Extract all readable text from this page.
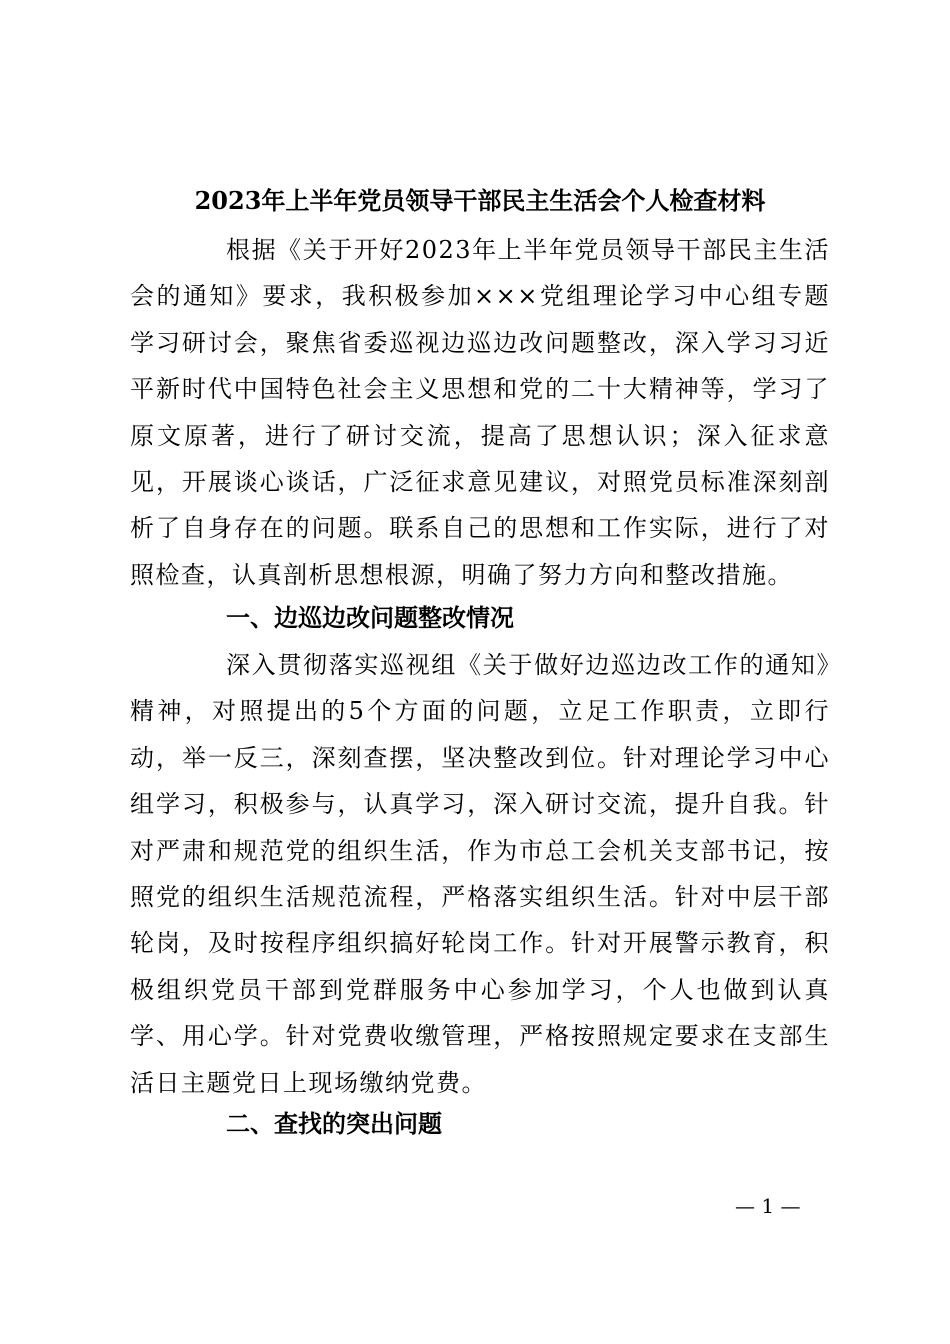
2023年上半年党员领导干部民主生活会个人检查材料
根据《关于开好2023年上半年党员领导干部民主生活会的通知》要求，我积极参加×××党组理论学习中心组专题学习研讨会，聚焦省委巡视边巡边改问题整改，深入学习习近平新时代中国特色社会主义思想和党的二十大精神等，学习了原文原著，进行了研讨交流，提高了思想认识；深入征求意见，开展谈心谈话，广泛征求意见建议，对照党员标准深刻剖析了自身存在的问题。联系自己的思想和工作实际，进行了对照检查，认真剖析思想根源，明确了努力方向和整改措施。
一、边巡边改问题整改情况
深入贯彻落实巡视组《关于做好边巡边改工作的通知》精神，对照提出的5个方面的问题，立足工作职责，立即行动，举一反三，深刻查摆，坚决整改到位。针对理论学习中心组学习，积极参与，认真学习，深入研讨交流，提升自我。针对严肃和规范党的组织生活，作为市总工会机关支部书记，按照党的组织生活规范流程，严格落实组织生活。针对中层干部轮岗，及时按程序组织搞好轮岗工作。针对开展警示教育，积极组织党员干部到党群服务中心参加学习，个人也做到认真学、用心学。针对党费收缴管理，严格按照规定要求在支部生活日主题党日上现场缴纳党费。
二、查找的突出问题
— 1 —
